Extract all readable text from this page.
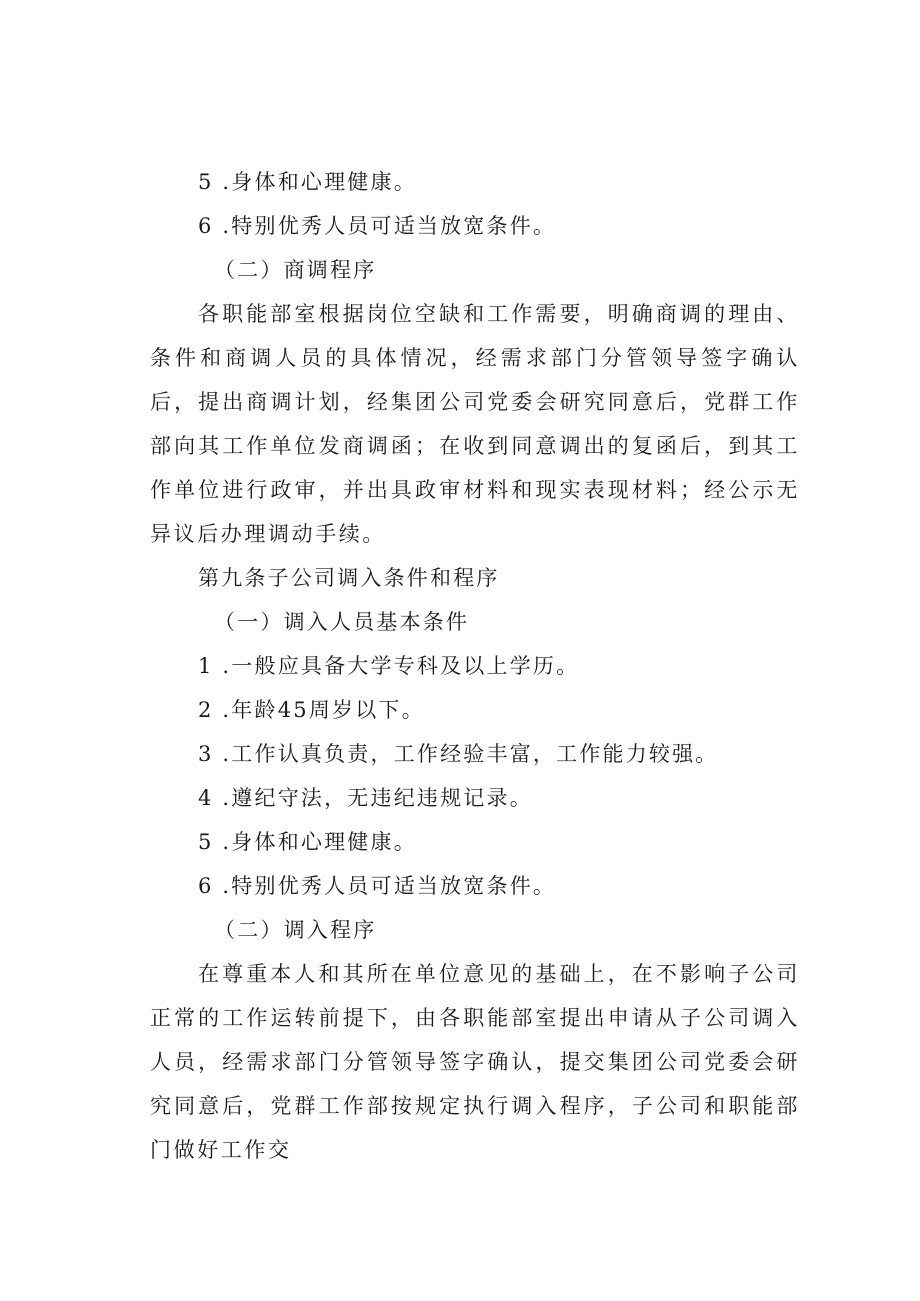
5 .身体和心理健康。
6 .特别优秀人员可适当放宽条件。
（二）商调程序

各职能部室根据岗位空缺和工作需要，明确商调的理由、条件和商调人员的具体情况，经需求部门分管领导签字确认后，提出商调计划，经集团公司党委会研究同意后，党群工作部向其工作单位发商调函；在收到同意调出的复函后，到其工作单位进行政审，并出具政审材料和现实表现材料；经公示无异议后办理调动手续。

第九条子公司调入条件和程序
（一）调入人员基本条件
1 .一般应具备大学专科及以上学历。
2 .年龄45周岁以下。
3 .工作认真负责，工作经验丰富，工作能力较强。
4 .遵纪守法，无违纪违规记录。
5 .身体和心理健康。
6 .特别优秀人员可适当放宽条件。
（二）调入程序

在尊重本人和其所在单位意见的基础上，在不影响子公司正常的工作运转前提下，由各职能部室提出申请从子公司调入人员，经需求部门分管领导签字确认，提交集团公司党委会研究同意后，党群工作部按规定执行调入程序，子公司和职能部门做好工作交
